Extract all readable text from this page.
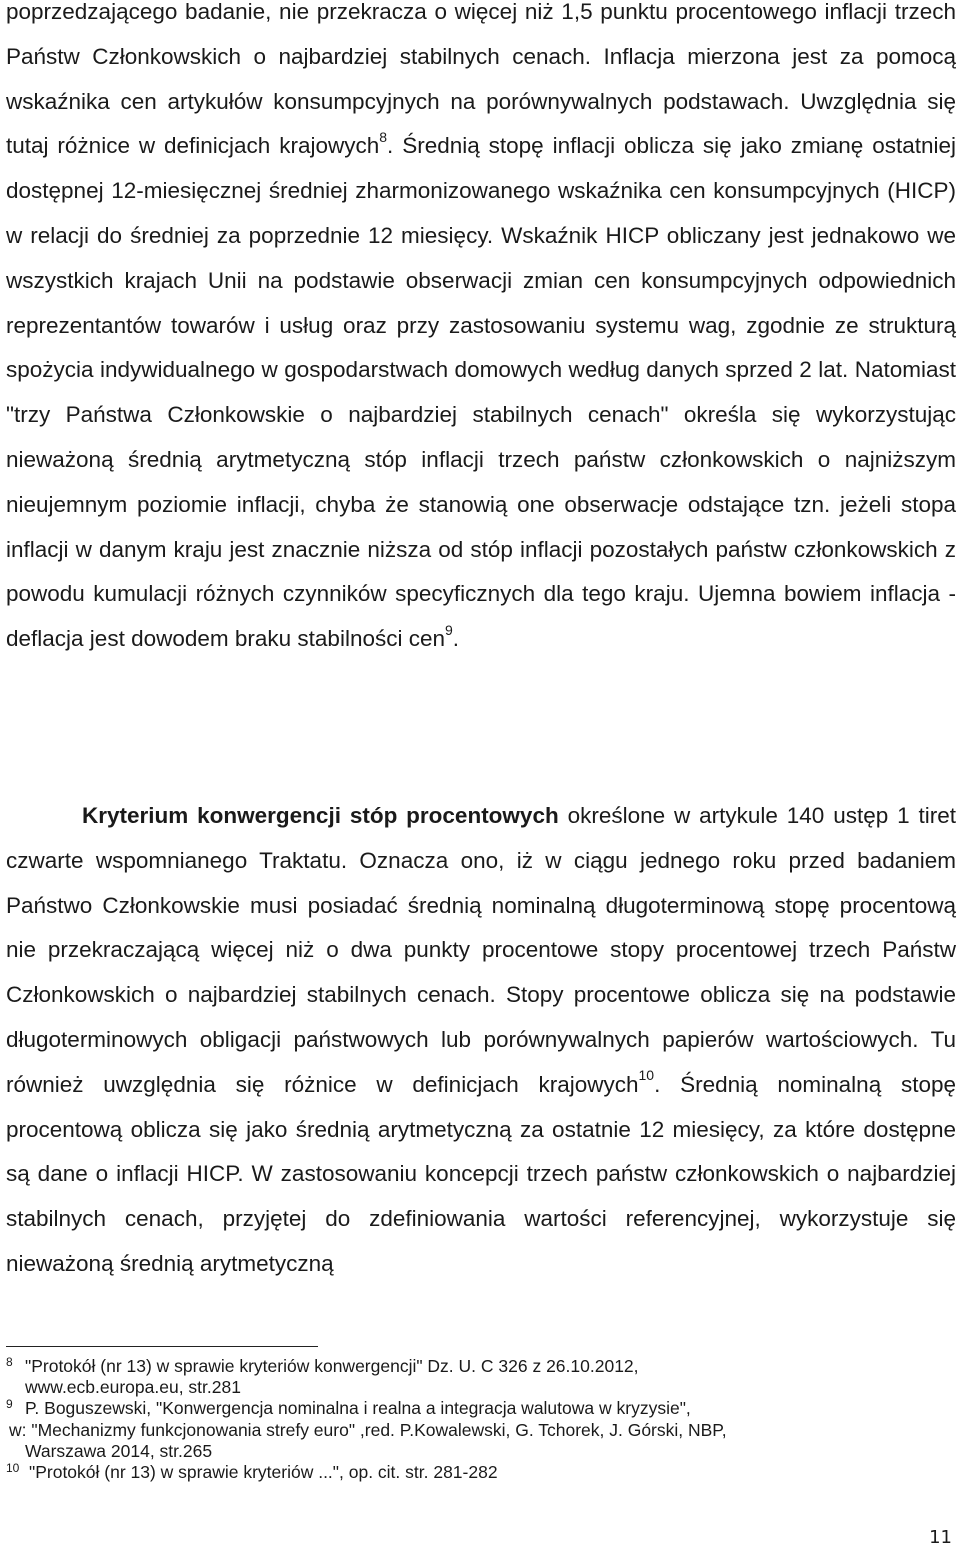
poprzedzającego badanie, nie przekracza o więcej niż 1,5 punktu procentowego inflacji trzech Państw Członkowskich o najbardziej stabilnych cenach. Inflacja mierzona jest za pomocą wskaźnika cen artykułów konsumpcyjnych na porównywalnych podstawach. Uwzględnia się tutaj różnice w definicjach krajowych$^8$. Średnią stopę inflacji oblicza się jako zmianę ostatniej dostępnej 12-miesięcznej średniej zharmonizowanego wskaźnika cen konsumpcyjnych (HICP) w relacji do średniej za poprzednie 12 miesięcy. Wskaźnik HICP obliczany jest jednakowo we wszystkich krajach Unii na podstawie obserwacji zmian cen konsumpcyjnych odpowiednich reprezentantów towarów i usług oraz przy zastosowaniu systemu wag, zgodnie ze strukturą spożycia indywidualnego w gospodarstwach domowych według danych sprzed 2 lat. Natomiast "trzy Państwa Członkowskie o najbardziej stabilnych cenach" określa się wykorzystując nieważoną średnią arytmetyczną stóp inflacji trzech państw członkowskich o najniższym nieujemnym poziomie inflacji, chyba że stanowią one obserwacje odstające tzn. jeżeli stopa inflacji w danym kraju jest znacznie niższa od stóp inflacji pozostałych państw członkowskich z powodu kumulacji różnych czynników specyficznych dla tego kraju. Ujemna bowiem inflacja - deflacja jest dowodem braku stabilności cen$^9$.

Kryterium konwergencji stóp procentowych określone w artykule 140 ustęp 1 tiret czwarte wspomnianego Traktatu. Oznacza ono, iż w ciągu jednego roku przed badaniem Państwo Członkowskie musi posiadać średnią nominalną długoterminową stopę procentową nie przekraczającą więcej niż o dwa punkty procentowe stopy procentowej trzech Państw Członkowskich o najbardziej stabilnych cenach. Stopy procentowe oblicza się na podstawie długoterminowych obligacji państwowych lub porównywalnych papierów wartościowych. Tu również uwzględnia się różnice w definicjach krajowych$^{10}$. Średnią nominalną stopę procentową oblicza się jako średnią arytmetyczną za ostatnie 12 miesięcy, za które dostępne są dane o inflacji HICP. W zastosowaniu koncepcji trzech państw członkowskich o najbardziej stabilnych cenach, przyjętej do zdefiniowania wartości referencyjnej, wykorzystuje się nieważoną średnią arytmetyczną

8 "Protokół (nr 13) w sprawie kryteriów konwergencji" Dz. U. C 326 z 26.10.2012,
www.ecb.europa.eu, str.281
9 P. Boguszewski, "Konwergencja nominalna i realna a integracja walutowa w kryzysie",
w: "Mechanizmy funkcjonowania strefy euro" ,red. P.Kowalewski, G. Tchorek, J. Górski, NBP,
Warszawa 2014, str.265
10 "Protokół (nr 13) w sprawie kryteriów ...", op. cit. str. 281-282
11
